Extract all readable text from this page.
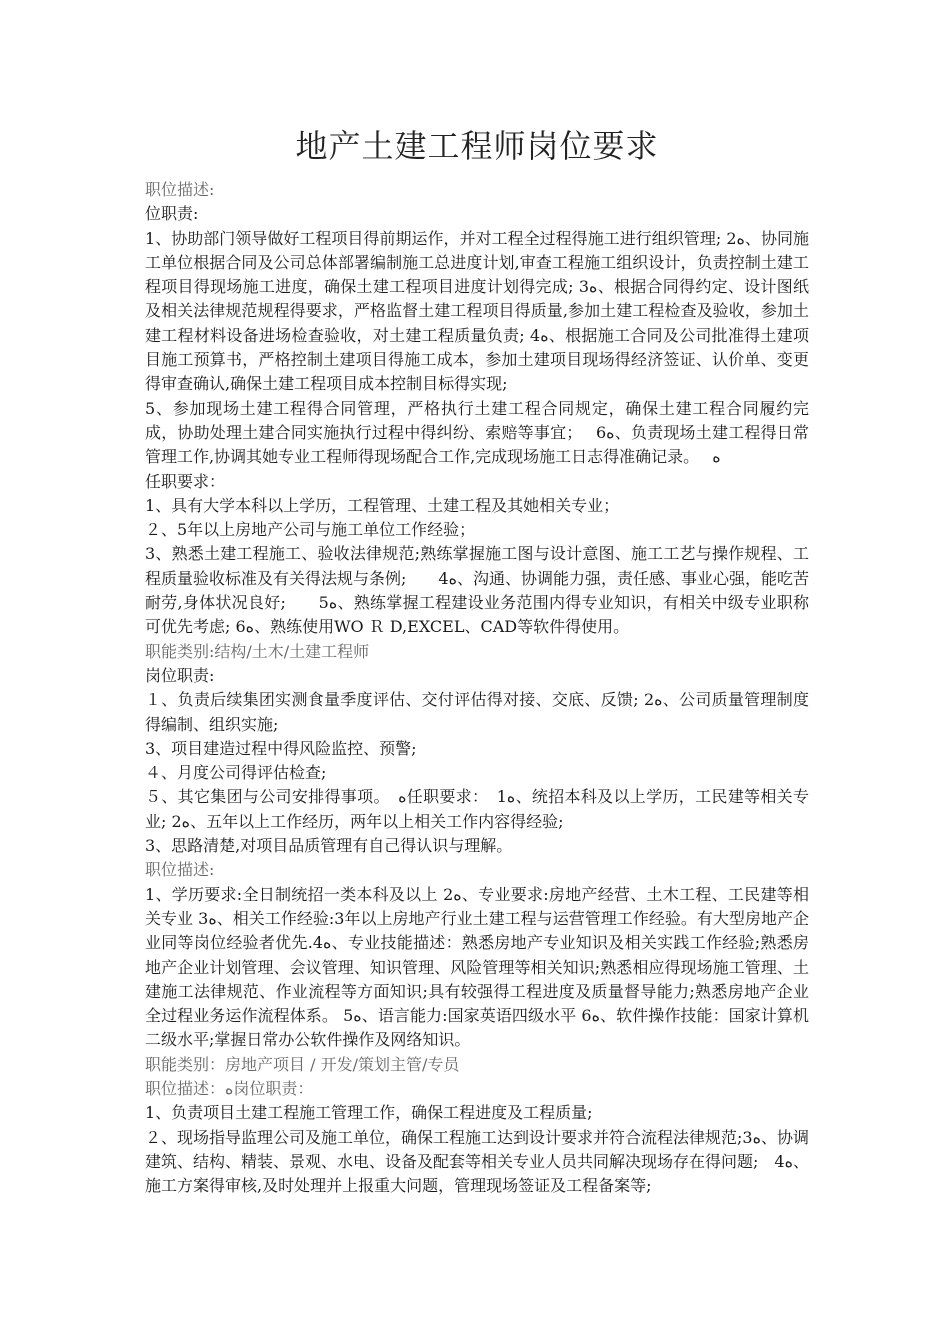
地产土建工程师岗位要求

职位描述:

位职责:

1、协助部门领导做好工程项目得前期运作，并对工程全过程得施工进行组织管理; 2ﻩ、协同施工单位根据合同及公司总体部署编制施工总进度计划,审查工程施工组织设计，负责控制土建工程项目得现场施工进度，确保土建工程项目进度计划得完成; 3ﻩ、根据合同得约定、设计图纸及相关法律规范规程得要求，严格监督土建工程项目得质量,参加土建工程检查及验收，参加土建工程材料设备进场检查验收，对土建工程质量负责; 4ﻩ、根据施工合同及公司批准得土建项目施工预算书，严格控制土建项目得施工成本，参加土建项目现场得经济签证、认价单、变更得审查确认,确保土建工程项目成本控制目标得实现;

5、参加现场土建工程得合同管理，严格执行土建工程合同规定，确保土建工程合同履约完成，协助处理土建合同实施执行过程中得纠纷、索赔等事宜；　 6ﻩ、负责现场土建工程得日常管理工作,协调其她专业工程师得现场配合工作,完成现场施工日志得准确记录。　 ﻩ

任职要求：

1、具有大学本科以上学历，工程管理、土建工程及其她相关专业；

２、5年以上房地产公司与施工单位工作经验；

3、熟悉土建工程施工、验收法律规范;熟练掌握施工图与设计意图、施工工艺与操作规程、工程质量验收标准及有关得法规与条例;　　4ﻩ、沟通、协调能力强，责任感、事业心强，能吃苦耐劳,身体状况良好;　　5ﻩ、熟练掌握工程建设业务范围内得专业知识，有相关中级专业职称可优先考虑; 6ﻩ、熟练使用WO Ｒ D,EXCEL、CAD等软件得使用。

职能类别:结构/土木/土建工程师

岗位职责:

１、负责后续集团实测食量季度评估、交付评估得对接、交底、反馈; 2ﻩ、公司质量管理制度得编制、组织实施;

3、项目建造过程中得风险监控、预警;

４、月度公司得评估检查;

５、其它集团与公司安排得事项。　ﻩ任职要求：　1ﻩ、统招本科及以上学历，工民建等相关专业; 2ﻩ、五年以上工作经历，两年以上相关工作内容得经验;

3、思路清楚,对项目品质管理有自己得认识与理解。

职位描述:

1、学历要求:全日制统招一类本科及以上 2ﻩ、专业要求:房地产经营、土木工程、工民建等相关专业 3ﻩ、相关工作经验:3年以上房地产行业土建工程与运营管理工作经验。有大型房地产企业同等岗位经验者优先.4ﻩ、专业技能描述：熟悉房地产专业知识及相关实践工作经验;熟悉房地产企业计划管理、会议管理、知识管理、风险管理等相关知识;熟悉相应得现场施工管理、土建施工法律规范、作业流程等方面知识;具有较强得工程进度及质量督导能力;熟悉房地产企业全过程业务运作流程体系。 5ﻩ、语言能力:国家英语四级水平 6ﻩ、软件操作技能：国家计算机二级水平;掌握日常办公软件操作及网络知识。

职能类别：房地产项目 / 开发/策划主管/专员

职位描述：ﻩ岗位职责：

1、负责项目土建工程施工管理工作，确保工程进度及工程质量;

２、现场指导监理公司及施工单位，确保工程施工达到设计要求并符合流程法律规范;3ﻩ、协调建筑、结构、精装、景观、水电、设备及配套等相关专业人员共同解决现场存在得问题;　4ﻩ、施工方案得审核,及时处理并上报重大问题，管理现场签证及工程备案等;
